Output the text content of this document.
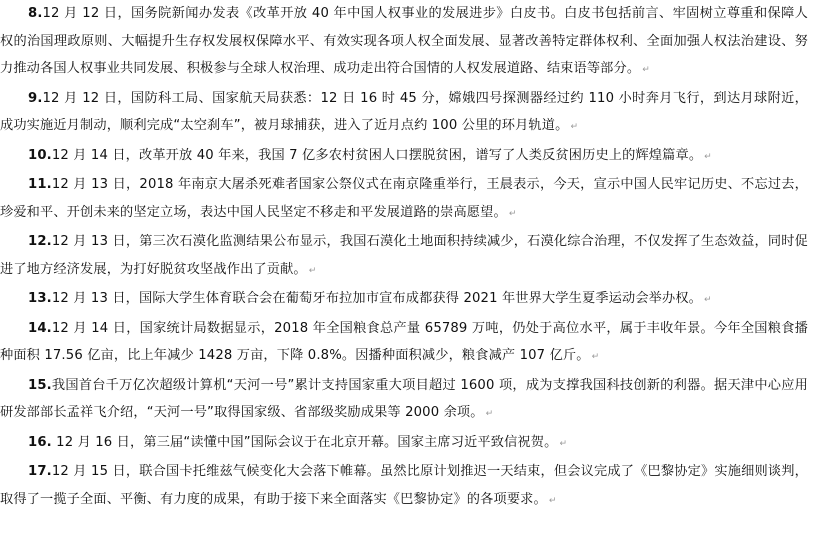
8.12 月 12 日，国务院新闻办发表《改革开放 40 年中国人权事业的发展进步》白皮书。白皮书包括前言、牢固树立尊重和保障人权的治国理政原则、大幅提升生存权发展权保障水平、有效实现各项人权全面发展、显著改善特定群体权利、全面加强人权法治建设、努力推动各国人权事业共同发展、积极参与全球人权治理、成功走出符合国情的人权发展道路、结束语等部分。 ↵

9.12 月 12 日，国防科工局、国家航天局获悉：12 日 16 时 45 分，嫦娥四号探测器经过约 110 小时奔月飞行，到达月球附近，成功实施近月制动，顺利完成“太空刹车”，被月球捕获，进入了近月点约 100 公里的环月轨道。 ↵

10.12 月 14 日，改革开放 40 年来，我国 7 亿多农村贫困人口摆脱贫困，谱写了人类反贫困历史上的辉煌篇章。 ↵

11.12 月 13 日，2018 年南京大屠杀死难者国家公祭仪式在南京隆重举行，王晨表示，今天，宣示中国人民牢记历史、不忘过去，珍爱和平、开创未来的坚定立场，表达中国人民坚定不移走和平发展道路的崇高愿望。 ↵

12.12 月 13 日，第三次石漠化监测结果公布显示，我国石漠化土地面积持续减少，石漠化综合治理，不仅发挥了生态效益，同时促进了地方经济发展，为打好脱贫攻坚战作出了贡献。 ↵

13.12 月 13 日，国际大学生体育联合会在葡萄牙布拉加市宣布成都获得 2021 年世界大学生夏季运动会举办权。 ↵

14.12 月 14 日，国家统计局数据显示，2018 年全国粮食总产量 65789 万吨，仍处于高位水平，属于丰收年景。今年全国粮食播种面积 17.56 亿亩，比上年减少 1428 万亩，下降 0.8%。因播种面积减少，粮食减产 107 亿斤。 ↵

15.我国首台千万亿次超级计算机“天河一号”累计支持国家重大项目超过 1600 项，成为支撑我国科技创新的利器。据天津中心应用研发部部长孟祥飞介绍，“天河一号”取得国家级、省部级奖励成果等 2000 余项。 ↵

16. 12 月 16 日，第三届“读懂中国”国际会议于在北京开幕。国家主席习近平致信祝贺。 ↵

17.12 月 15 日，联合国卡托维兹气候变化大会落下帷幕。虽然比原计划推迟一天结束，但会议完成了《巴黎协定》实施细则谈判，取得了一揽子全面、平衡、有力度的成果，有助于接下来全面落实《巴黎协定》的各项要求。 ↵
